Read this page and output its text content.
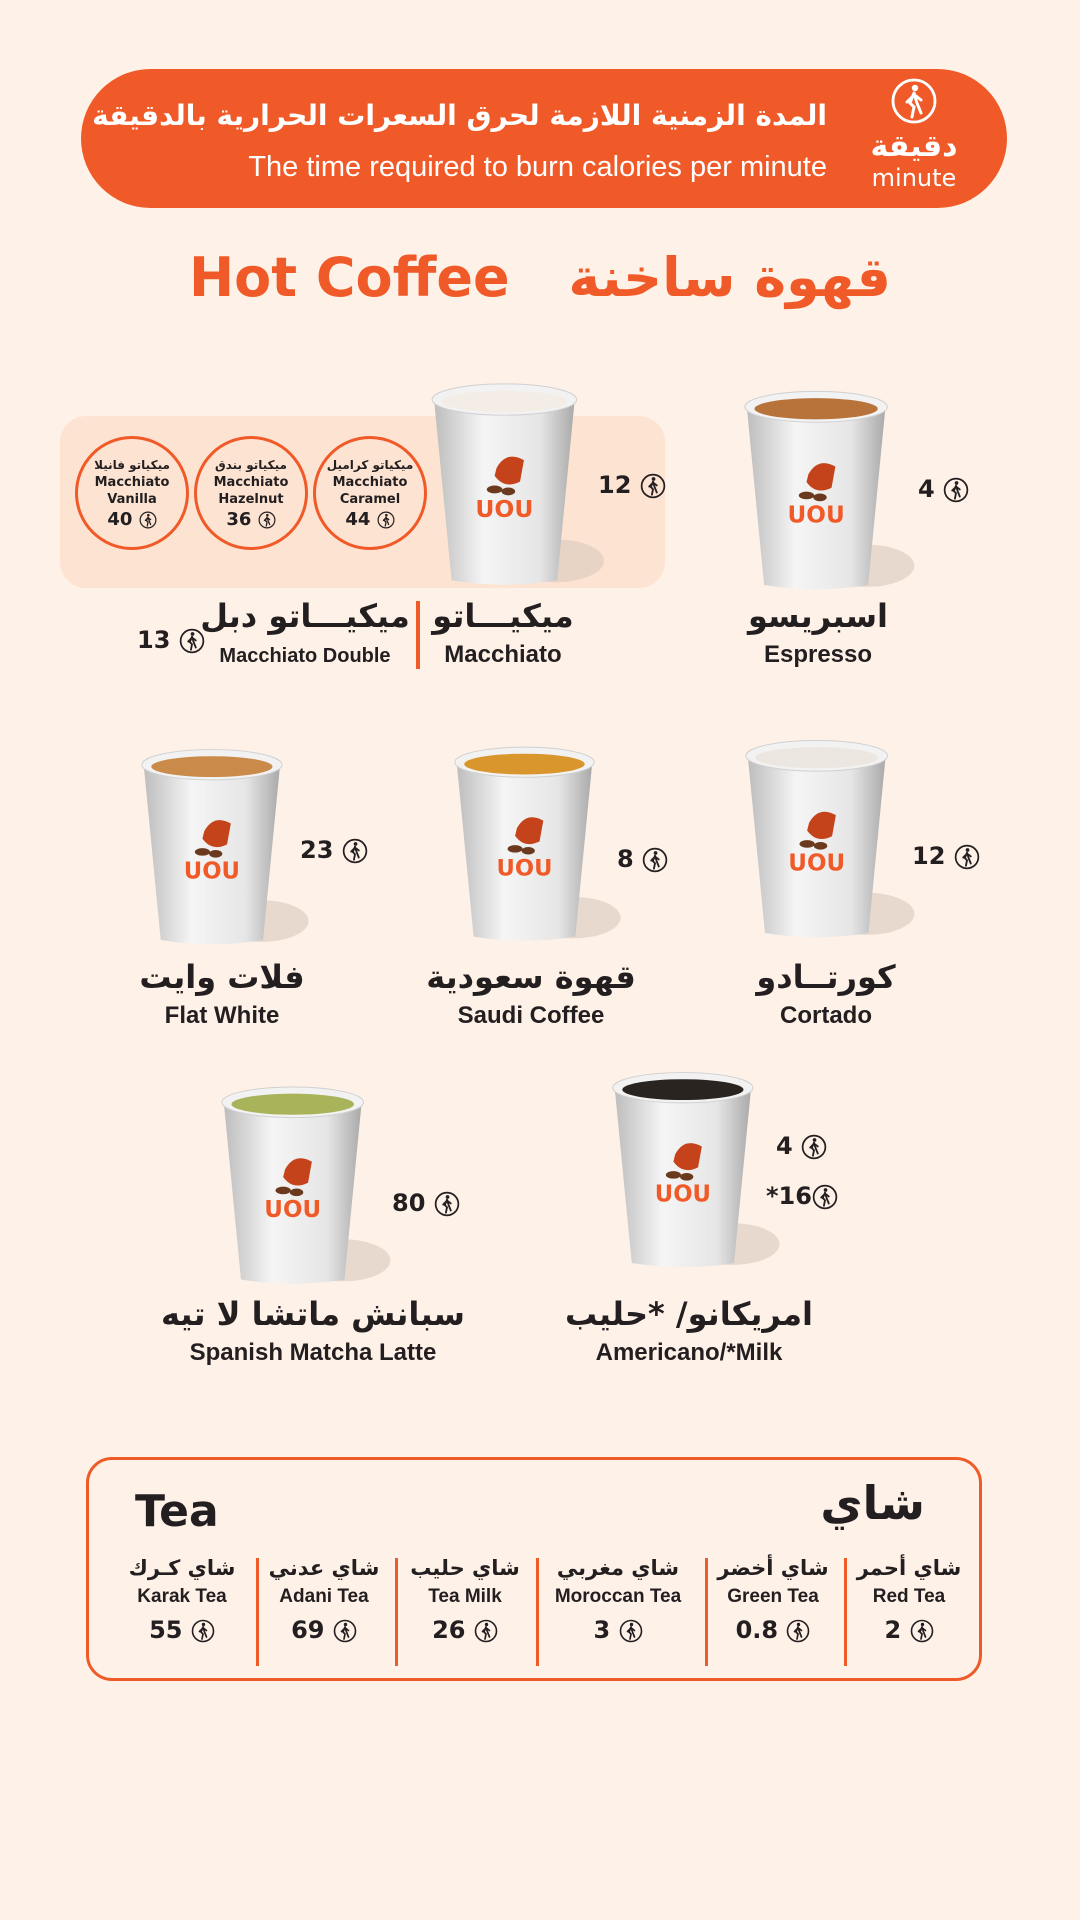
المدة الزمنية اللازمة لحرق السعرات الحرارية بالدقيقة
The time required to burn calories per minute
دقيقة
minute
Hot Coffee قهوة ساخنة
ميكياتو كراميل
Macchiato Caramel
44
ميكياتو بندق
Macchiato Hazelnut
36
ميكياتو فانيلا
Macchiato Vanilla
40	UOU	UOU
UOU	UOU	UOU
UOU
UOU
12
ميكيـــاتو
Macchiato
4
اسبريسو
Espresso
23
فلات وايت
Flat White
8
قهوة سعودية
Saudi Coffee
12
كورتــادو
Cortado
80
سبانش ماتشا لا تيه
Spanish Matcha Latte
4
*16
امريكانو/ *حليب
Americano/*Milk
ميكيـــاتو دبل
Macchiato Double
13
Tea	شاي
شاي أحمر
Red Tea
2
شاي أخضر
Green Tea
0.8
شاي مغربي
Moroccan Tea
3
شاي حليب
Tea Milk
26
شاي عدني
Adani Tea
69
شاي كـرك
Karak Tea
55
